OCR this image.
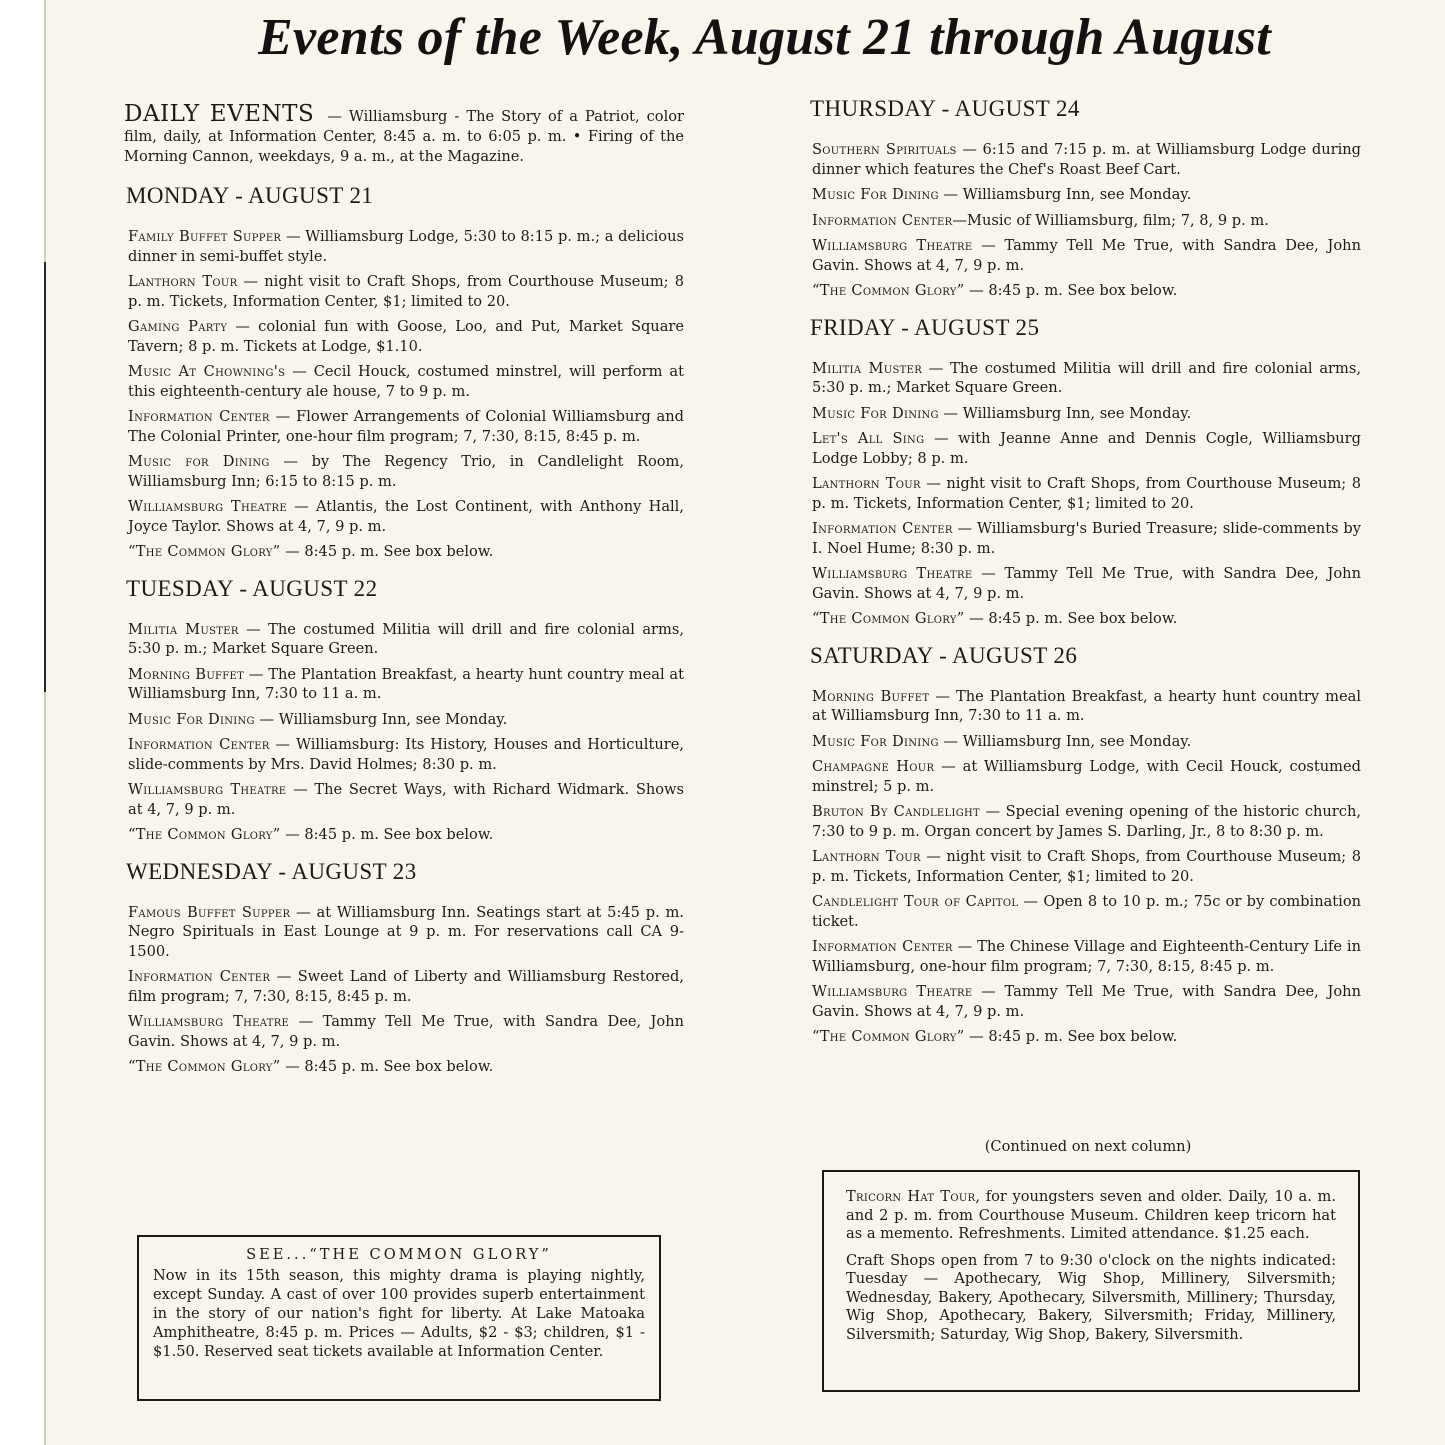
Events of the Week, August 21 through August
DAILY EVENTS — Williamsburg - The Story of a Patriot, color film, daily, at Information Center, 8:45 a. m. to 6:05 p. m. • Firing of the Morning Cannon, weekdays, 9 a. m., at the Magazine.
MONDAY - AUGUST 21
Family Buffet Supper — Williamsburg Lodge, 5:30 to 8:15 p. m.; a delicious dinner in semi-buffet style.
Lanthorn Tour — night visit to Craft Shops, from Courthouse Museum; 8 p. m. Tickets, Information Center, $1; limited to 20.
Gaming Party — colonial fun with Goose, Loo, and Put, Market Square Tavern; 8 p. m. Tickets at Lodge, $1.10.
Music At Chowning's — Cecil Houck, costumed minstrel, will perform at this eighteenth-century ale house, 7 to 9 p. m.
Information Center — Flower Arrangements of Colonial Williamsburg and The Colonial Printer, one-hour film program; 7, 7:30, 8:15, 8:45 p. m.
Music for Dining — by The Regency Trio, in Candlelight Room, Williamsburg Inn; 6:15 to 8:15 p. m.
Williamsburg Theatre — Atlantis, the Lost Continent, with Anthony Hall, Joyce Taylor. Shows at 4, 7, 9 p. m.
“The Common Glory” — 8:45 p. m. See box below.
TUESDAY - AUGUST 22
Militia Muster — The costumed Militia will drill and fire colonial arms, 5:30 p. m.; Market Square Green.
Morning Buffet — The Plantation Breakfast, a hearty hunt country meal at Williamsburg Inn, 7:30 to 11 a. m.
Music For Dining — Williamsburg Inn, see Monday.
Information Center — Williamsburg: Its History, Houses and Horticulture, slide-comments by Mrs. David Holmes; 8:30 p. m.
Williamsburg Theatre — The Secret Ways, with Richard Widmark. Shows at 4, 7, 9 p. m.
“The Common Glory” — 8:45 p. m. See box below.
WEDNESDAY - AUGUST 23
Famous Buffet Supper — at Williamsburg Inn. Seatings start at 5:45 p. m. Negro Spirituals in East Lounge at 9 p. m. For reservations call CA 9-1500.
Information Center — Sweet Land of Liberty and Williamsburg Restored, film program; 7, 7:30, 8:15, 8:45 p. m.
Williamsburg Theatre — Tammy Tell Me True, with Sandra Dee, John Gavin. Shows at 4, 7, 9 p. m.
“The Common Glory” — 8:45 p. m. See box below.
SEE...“THE COMMON GLORY”
Now in its 15th season, this mighty drama is playing nightly, except Sunday. A cast of over 100 provides superb entertainment in the story of our nation's fight for liberty. At Lake Matoaka Amphitheatre, 8:45 p. m. Prices — Adults, $2 - $3; children, $1 - $1.50. Reserved seat tickets available at Information Center.
THURSDAY - AUGUST 24
Southern Spirituals — 6:15 and 7:15 p. m. at Williamsburg Lodge during dinner which features the Chef's Roast Beef Cart.
Music For Dining — Williamsburg Inn, see Monday.
Information Center—Music of Williamsburg, film; 7, 8, 9 p. m.
Williamsburg Theatre — Tammy Tell Me True, with Sandra Dee, John Gavin. Shows at 4, 7, 9 p. m.
“The Common Glory” — 8:45 p. m. See box below.
FRIDAY - AUGUST 25
Militia Muster — The costumed Militia will drill and fire colonial arms, 5:30 p. m.; Market Square Green.
Music For Dining — Williamsburg Inn, see Monday.
Let's All Sing — with Jeanne Anne and Dennis Cogle, Williamsburg Lodge Lobby; 8 p. m.
Lanthorn Tour — night visit to Craft Shops, from Courthouse Museum; 8 p. m. Tickets, Information Center, $1; limited to 20.
Information Center — Williamsburg's Buried Treasure; slide-comments by I. Noel Hume; 8:30 p. m.
Williamsburg Theatre — Tammy Tell Me True, with Sandra Dee, John Gavin. Shows at 4, 7, 9 p. m.
“The Common Glory” — 8:45 p. m. See box below.
SATURDAY - AUGUST 26
Morning Buffet — The Plantation Breakfast, a hearty hunt country meal at Williamsburg Inn, 7:30 to 11 a. m.
Music For Dining — Williamsburg Inn, see Monday.
Champagne Hour — at Williamsburg Lodge, with Cecil Houck, costumed minstrel; 5 p. m.
Bruton By Candlelight — Special evening opening of the historic church, 7:30 to 9 p. m. Organ concert by James S. Darling, Jr., 8 to 8:30 p. m.
Lanthorn Tour — night visit to Craft Shops, from Courthouse Museum; 8 p. m. Tickets, Information Center, $1; limited to 20.
Candlelight Tour of Capitol — Open 8 to 10 p. m.; 75c or by combination ticket.
Information Center — The Chinese Village and Eighteenth-Century Life in Williamsburg, one-hour film program; 7, 7:30, 8:15, 8:45 p. m.
Williamsburg Theatre — Tammy Tell Me True, with Sandra Dee, John Gavin. Shows at 4, 7, 9 p. m.
“The Common Glory” — 8:45 p. m. See box below.
(Continued on next column)

Tricorn Hat Tour, for youngsters seven and older. Daily, 10 a. m. and 2 p. m. from Courthouse Museum. Children keep tricorn hat as a memento. Refreshments. Limited attendance. $1.25 each.

Craft Shops open from 7 to 9:30 o'clock on the nights indicated: Tuesday — Apothecary, Wig Shop, Millinery, Silversmith; Wednesday, Bakery, Apothecary, Silversmith, Millinery; Thursday, Wig Shop, Apothecary, Bakery, Silversmith; Friday, Millinery, Silversmith; Saturday, Wig Shop, Bakery, Silversmith.
